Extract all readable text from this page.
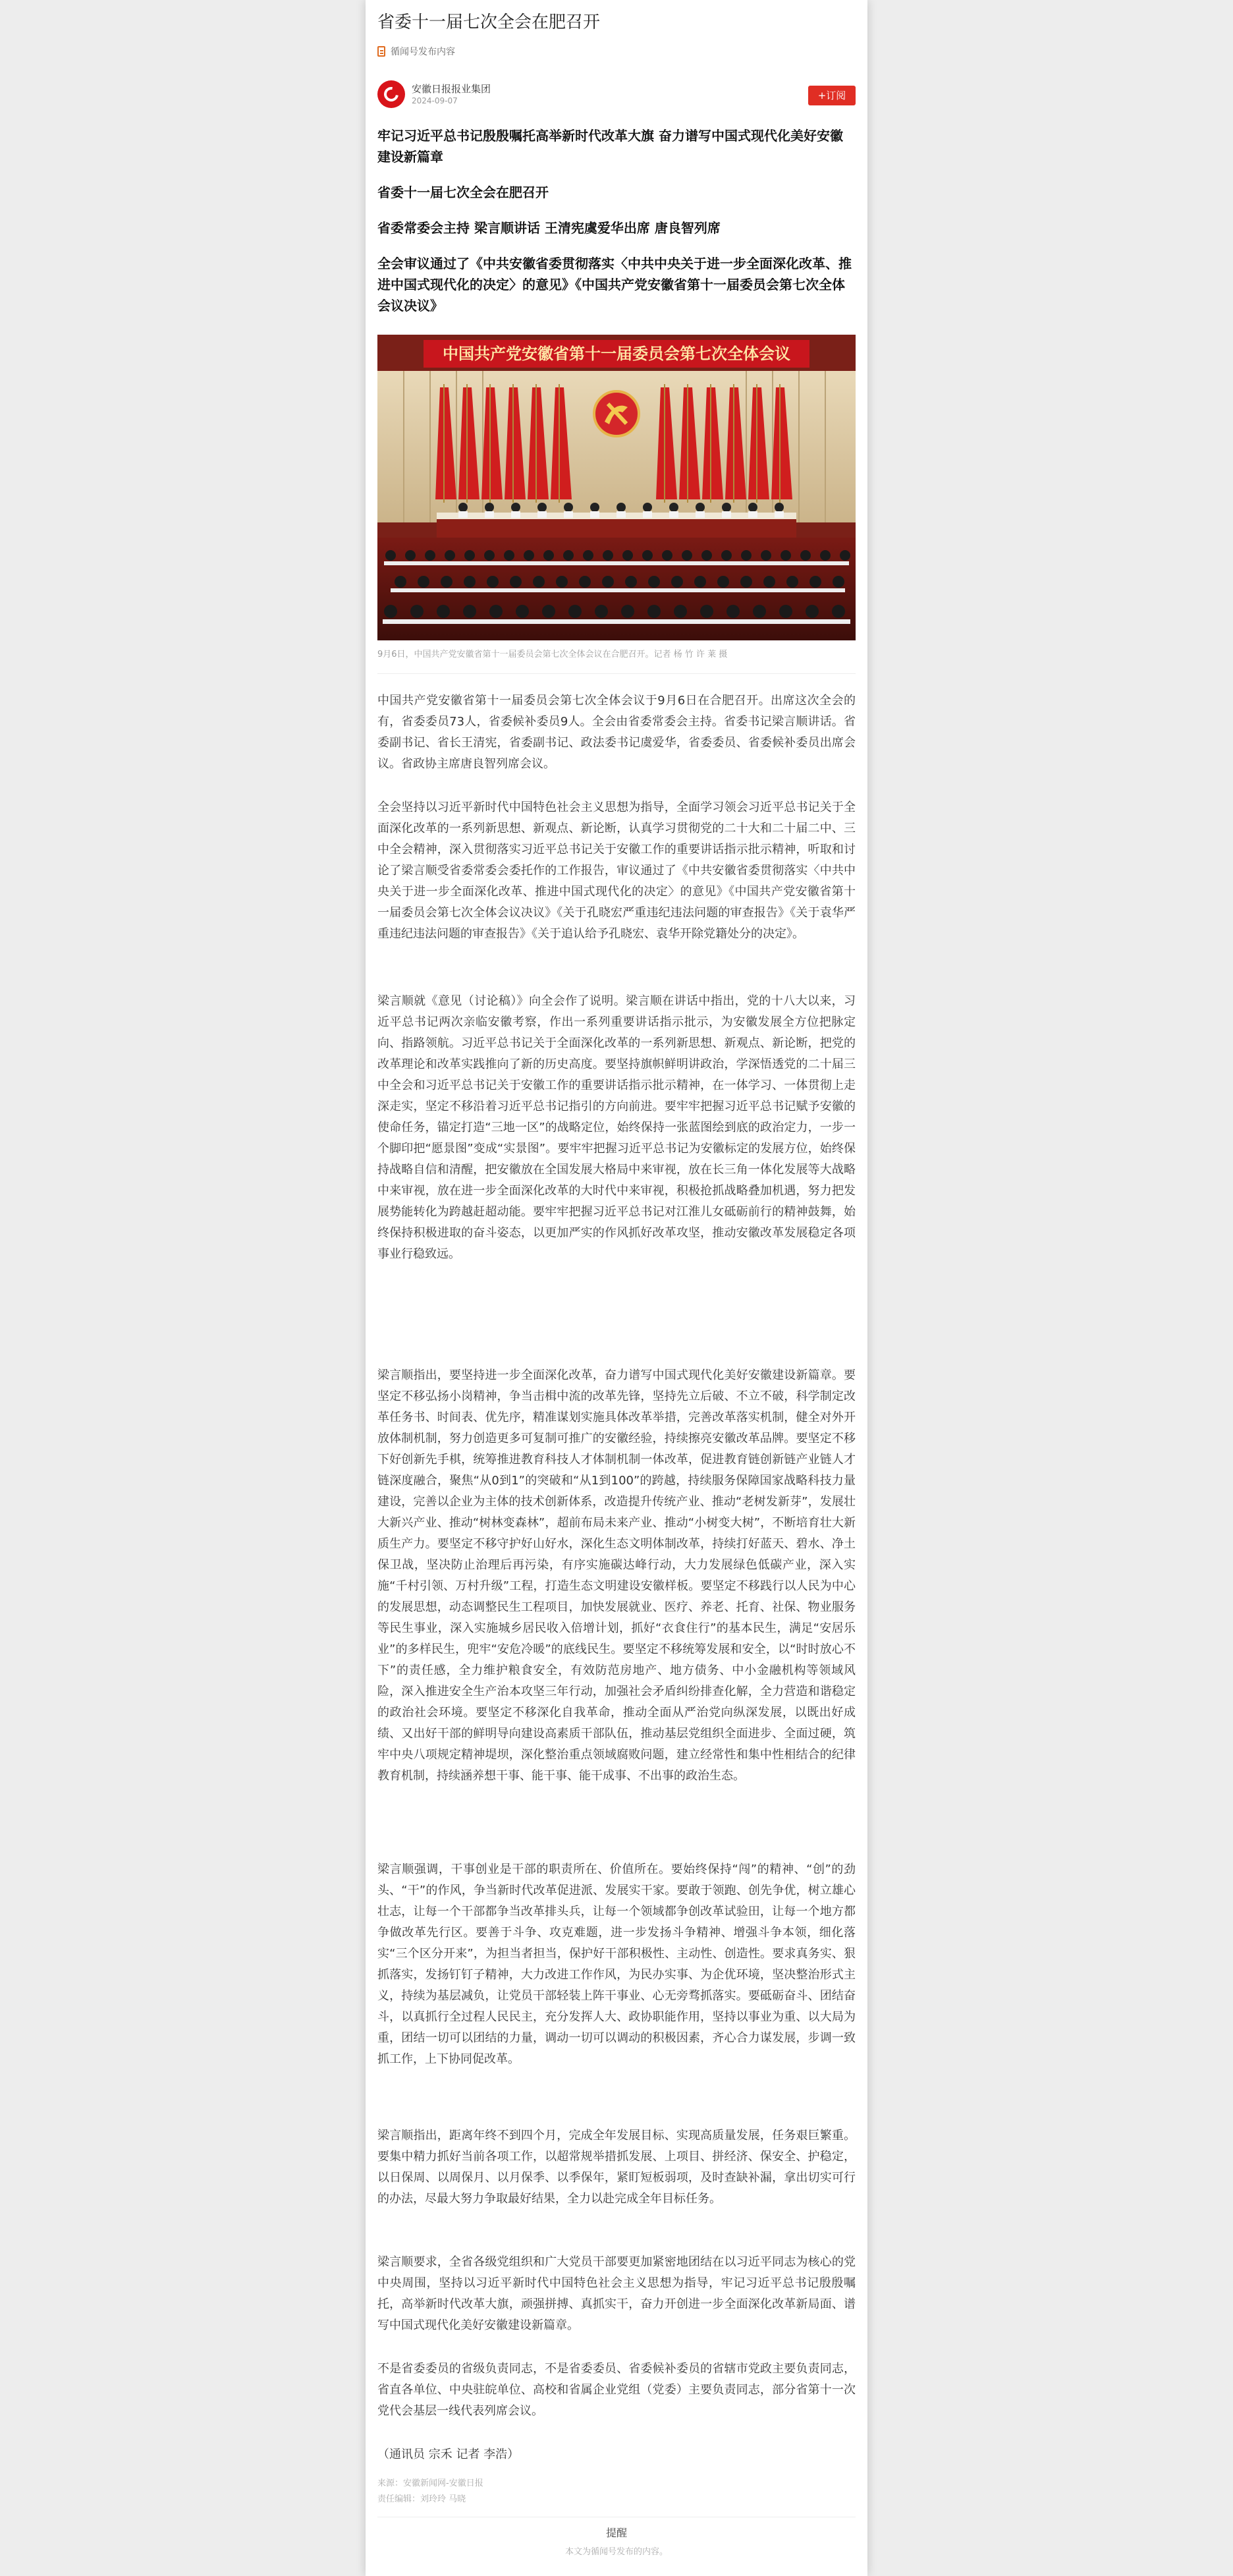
省委十一届七次全会在肥召开
循闻号发布内容
安徽日报报业集团
2024-09-07	+订阅
牢记习近平总书记殷殷嘱托高举新时代改革大旗 奋力谱写中国式现代化美好安徽建设新篇章
省委十一届七次全会在肥召开
省委常委会主持 梁言顺讲话 王清宪虞爱华出席 唐良智列席
全会审议通过了《中共安徽省委贯彻落实〈中共中央关于进一步全面深化改革、推进中国式现代化的决定〉的意见》《中国共产党安徽省第十一届委员会第七次全体会议决议》
中国共产党安徽省第十一届委员会第七次全体会议
9月6日，中国共产党安徽省第十一届委员会第七次全体会议在合肥召开。记者 杨 竹 许 莱 摄
中国共产党安徽省第十一届委员会第七次全体会议于9月6日在合肥召开。出席这次全会的有，省委委员73人，省委候补委员9人。全会由省委常委会主持。省委书记梁言顺讲话。省委副书记、省长王清宪，省委副书记、政法委书记虞爱华，省委委员、省委候补委员出席会议。省政协主席唐良智列席会议。
全会坚持以习近平新时代中国特色社会主义思想为指导，全面学习领会习近平总书记关于全面深化改革的一系列新思想、新观点、新论断，认真学习贯彻党的二十大和二十届二中、三中全会精神，深入贯彻落实习近平总书记关于安徽工作的重要讲话指示批示精神，听取和讨论了梁言顺受省委常委会委托作的工作报告，审议通过了《中共安徽省委贯彻落实〈中共中央关于进一步全面深化改革、推进中国式现代化的决定〉的意见》《中国共产党安徽省第十一届委员会第七次全体会议决议》《关于孔晓宏严重违纪违法问题的审查报告》《关于袁华严重违纪违法问题的审查报告》《关于追认给予孔晓宏、袁华开除党籍处分的决定》。
梁言顺就《意见（讨论稿）》向全会作了说明。梁言顺在讲话中指出，党的十八大以来，习近平总书记两次亲临安徽考察，作出一系列重要讲话指示批示，为安徽发展全方位把脉定向、指路领航。习近平总书记关于全面深化改革的一系列新思想、新观点、新论断，把党的改革理论和改革实践推向了新的历史高度。要坚持旗帜鲜明讲政治，学深悟透党的二十届三中全会和习近平总书记关于安徽工作的重要讲话指示批示精神，在一体学习、一体贯彻上走深走实，坚定不移沿着习近平总书记指引的方向前进。要牢牢把握习近平总书记赋予安徽的使命任务，锚定打造“三地一区”的战略定位，始终保持一张蓝图绘到底的政治定力，一步一个脚印把“愿景图”变成“实景图”。要牢牢把握习近平总书记为安徽标定的发展方位，始终保持战略自信和清醒，把安徽放在全国发展大格局中来审视，放在长三角一体化发展等大战略中来审视，放在进一步全面深化改革的大时代中来审视，积极抢抓战略叠加机遇，努力把发展势能转化为跨越赶超动能。要牢牢把握习近平总书记对江淮儿女砥砺前行的精神鼓舞，始终保持积极进取的奋斗姿态，以更加严实的作风抓好改革攻坚，推动安徽改革发展稳定各项事业行稳致远。
梁言顺指出，要坚持进一步全面深化改革，奋力谱写中国式现代化美好安徽建设新篇章。要坚定不移弘扬小岗精神，争当击楫中流的改革先锋，坚持先立后破、不立不破，科学制定改革任务书、时间表、优先序，精准谋划实施具体改革举措，完善改革落实机制，健全对外开放体制机制，努力创造更多可复制可推广的安徽经验，持续擦亮安徽改革品牌。要坚定不移下好创新先手棋，统筹推进教育科技人才体制机制一体改革，促进教育链创新链产业链人才链深度融合，聚焦“从0到1”的突破和“从1到100”的跨越，持续服务保障国家战略科技力量建设，完善以企业为主体的技术创新体系，改造提升传统产业、推动“老树发新芽”，发展壮大新兴产业、推动“树林变森林”，超前布局未来产业、推动“小树变大树”，不断培育壮大新质生产力。要坚定不移守护好山好水，深化生态文明体制改革，持续打好蓝天、碧水、净土保卫战，坚决防止治理后再污染，有序实施碳达峰行动，大力发展绿色低碳产业，深入实施“千村引领、万村升级”工程，打造生态文明建设安徽样板。要坚定不移践行以人民为中心的发展思想，动态调整民生工程项目，加快发展就业、医疗、养老、托育、社保、物业服务等民生事业，深入实施城乡居民收入倍增计划，抓好“衣食住行”的基本民生，满足“安居乐业”的多样民生，兜牢“安危冷暖”的底线民生。要坚定不移统筹发展和安全，以“时时放心不下”的责任感，全力维护粮食安全，有效防范房地产、地方债务、中小金融机构等领域风险，深入推进安全生产治本攻坚三年行动，加强社会矛盾纠纷排查化解，全力营造和谐稳定的政治社会环境。要坚定不移深化自我革命，推动全面从严治党向纵深发展，以既出好成绩、又出好干部的鲜明导向建设高素质干部队伍，推动基层党组织全面进步、全面过硬，筑牢中央八项规定精神堤坝，深化整治重点领域腐败问题，建立经常性和集中性相结合的纪律教育机制，持续涵养想干事、能干事、能干成事、不出事的政治生态。
梁言顺强调，干事创业是干部的职责所在、价值所在。要始终保持“闯”的精神、“创”的劲头、“干”的作风，争当新时代改革促进派、发展实干家。要敢于领跑、创先争优，树立雄心壮志，让每一个干部都争当改革排头兵，让每一个领域都争创改革试验田，让每一个地方都争做改革先行区。要善于斗争、攻克难题，进一步发扬斗争精神、增强斗争本领，细化落实“三个区分开来”，为担当者担当，保护好干部积极性、主动性、创造性。要求真务实、狠抓落实，发扬钉钉子精神，大力改进工作作风，为民办实事、为企优环境，坚决整治形式主义，持续为基层减负，让党员干部轻装上阵干事业、心无旁骛抓落实。要砥砺奋斗、团结奋斗，以真抓行全过程人民民主，充分发挥人大、政协职能作用，坚持以事业为重、以大局为重，团结一切可以团结的力量，调动一切可以调动的积极因素，齐心合力谋发展，步调一致抓工作，上下协同促改革。
梁言顺指出，距离年终不到四个月，完成全年发展目标、实现高质量发展，任务艰巨繁重。要集中精力抓好当前各项工作，以超常规举措抓发展、上项目、拼经济、保安全、护稳定，以日保周、以周保月、以月保季、以季保年，紧盯短板弱项，及时查缺补漏，拿出切实可行的办法，尽最大努力争取最好结果，全力以赴完成全年目标任务。
梁言顺要求，全省各级党组织和广大党员干部要更加紧密地团结在以习近平同志为核心的党中央周围，坚持以习近平新时代中国特色社会主义思想为指导，牢记习近平总书记殷殷嘱托，高举新时代改革大旗，顽强拼搏、真抓实干，奋力开创进一步全面深化改革新局面、谱写中国式现代化美好安徽建设新篇章。
不是省委委员的省级负责同志，不是省委委员、省委候补委员的省辖市党政主要负责同志，省直各单位、中央驻皖单位、高校和省属企业党组（党委）主要负责同志，部分省第十一次党代会基层一线代表列席会议。
（通讯员 宗禾 记者 李浩）
来源：安徽新闻网-安徽日报
责任编辑：刘玲玲 马晓
提醒
本文为循闻号发布的内容。
